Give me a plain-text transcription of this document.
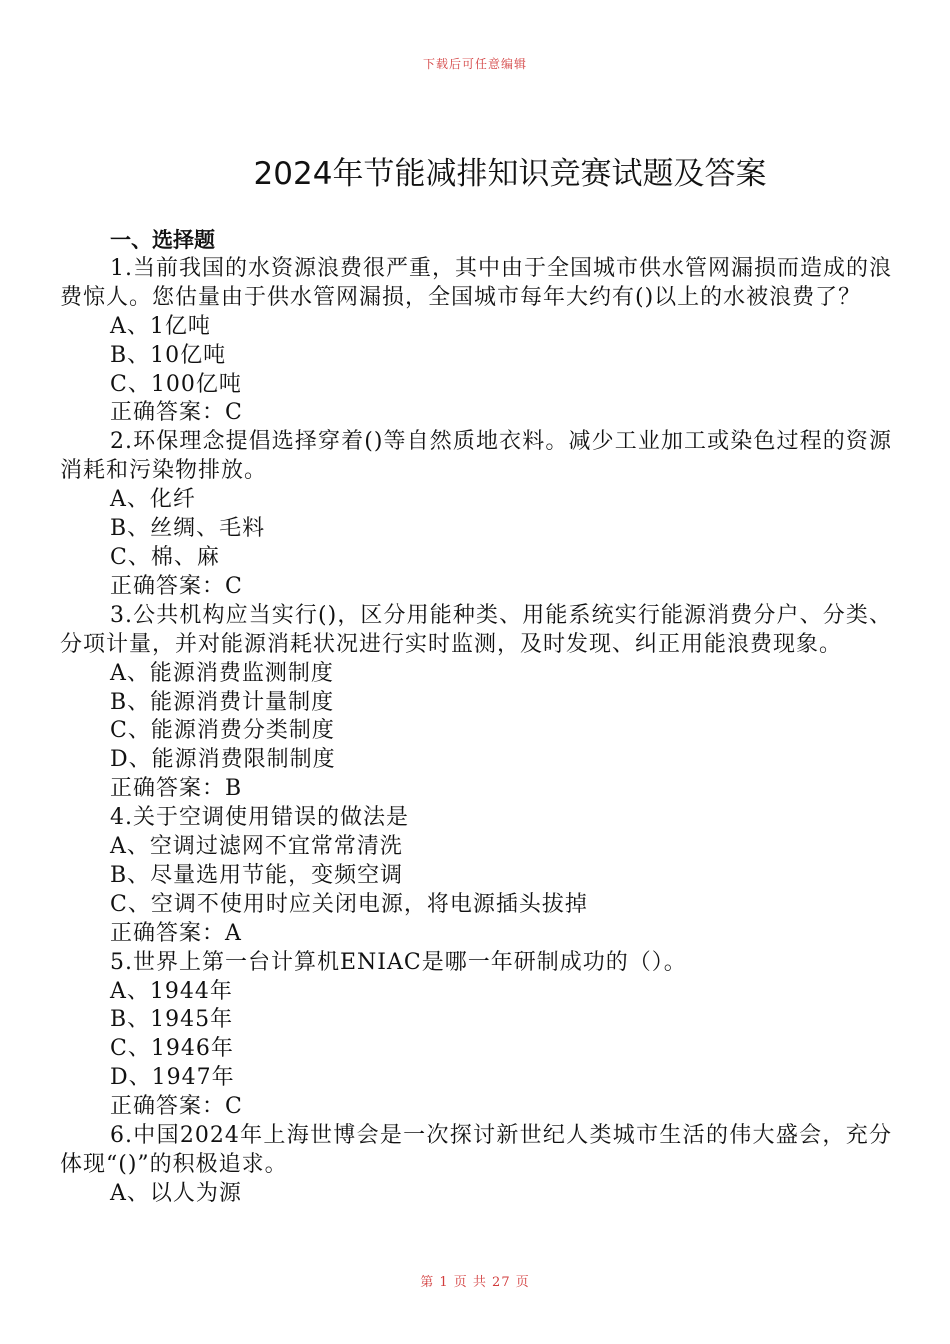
下载后可任意编辑
2024年节能减排知识竞赛试题及答案
一、选择题
1.当前我国的水资源浪费很严重，其中由于全国城市供水管网漏损而造成的浪费惊人。您估量由于供水管网漏损，全国城市每年大约有()以上的水被浪费了？
A、1亿吨
B、10亿吨
C、100亿吨
正确答案：C
2.环保理念提倡选择穿着()等自然质地衣料。减少工业加工或染色过程的资源消耗和污染物排放。
A、化纤
B、丝绸、毛料
C、棉、麻
正确答案：C
3.公共机构应当实行()，区分用能种类、用能系统实行能源消费分户、分类、分项计量，并对能源消耗状况进行实时监测，及时发现、纠正用能浪费现象。
A、能源消费监测制度
B、能源消费计量制度
C、能源消费分类制度
D、能源消费限制制度
正确答案：B
4.关于空调使用错误的做法是
A、空调过滤网不宜常常清洗
B、尽量选用节能，变频空调
C、空调不使用时应关闭电源，将电源插头拔掉
正确答案：A
5.世界上第一台计算机ENIAC是哪一年研制成功的（）。
A、1944年
B、1945年
C、1946年
D、1947年
正确答案：C
6.中国2024年上海世博会是一次探讨新世纪人类城市生活的伟大盛会，充分体现“()”的积极追求。
A、以人为源
第 1 页 共 27 页
